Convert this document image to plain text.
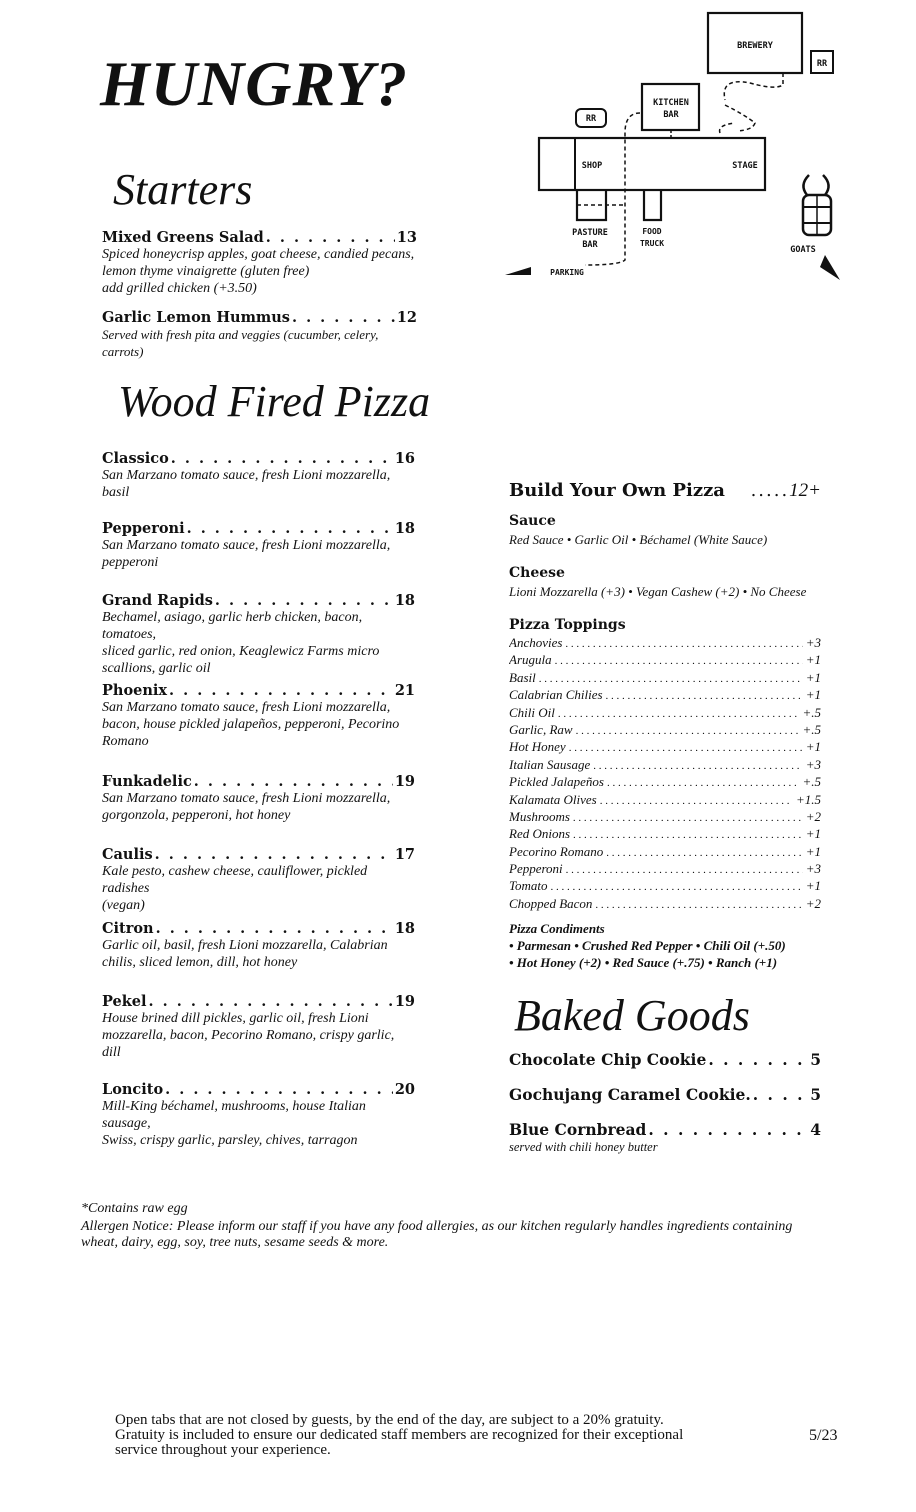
HUNGRY?
Starters
Mixed Greens Salad . . .	13
Spiced honeycrisp apples, goat cheese, candied pecans,
lemon thyme vinaigrette (gluten free)
add grilled chicken (+3.50)
Garlic Lemon Hummus . . .	12
Served with fresh pita and veggies (cucumber, celery, carrots)
Wood Fired Pizza
Classico . . .	16
San Marzano tomato sauce, fresh Lioni mozzarella,
basil
Pepperoni . . .	18
San Marzano tomato sauce, fresh Lioni mozzarella,
pepperoni
Grand Rapids . . .	18
Bechamel, asiago, garlic herb chicken, bacon, tomatoes,
sliced garlic, red onion, Keaglewicz Farms micro
scallions, garlic oil
Phoenix . . .	21
San Marzano tomato sauce, fresh Lioni mozzarella,
bacon, house pickled jalapeños, pepperoni, Pecorino
Romano
Funkadelic . . .	19
San Marzano tomato sauce, fresh Lioni mozzarella,
gorgonzola, pepperoni, hot honey
Caulis . . .	17
Kale pesto, cashew cheese, cauliflower, pickled radishes
(vegan)
Citron . . .	18
Garlic oil, basil, fresh Lioni mozzarella, Calabrian
chilis, sliced lemon, dill, hot honey
Pekel . . .	19
House brined dill pickles, garlic oil, fresh Lioni
mozzarella, bacon, Pecorino Romano, crispy garlic,
dill
Loncito . . .	20
Mill-King béchamel, mushrooms, house Italian sausage,
Swiss, crispy garlic, parsley, chives, tarragon
BREWERY
RR
KITCHEN
BAR
RR
SHOP	STAGE
PASTURE
BAR
FOOD
TRUCK
PARKING
GOATS
Build Your Own Pizza ..... 12+
Sauce
Red Sauce • Garlic Oil • Béchamel (White Sauce)
Cheese
Lioni Mozzarella (+3) • Vegan Cashew (+2) • No Cheese
Pizza Toppings
Anchovies . . .	+3
Arugula . . .	+1
Basil . . .	+1
Calabrian Chilies . . .	+1
Chili Oil . . .	+.5
Garlic, Raw . . .	+.5
Hot Honey . . .	+1
Italian Sausage . . .	+3
Pickled Jalapeños . . .	+.5
Kalamata Olives . . .	+1.5
Mushrooms . . .	+2
Red Onions . . .	+1
Pecorino Romano . . .	+1
Pepperoni . . .	+3
Tomato . . .	+1
Chopped Bacon . . .	+2
Pizza Condiments
• Parmesan • Crushed Red Pepper • Chili Oil (+.50)
• Hot Honey (+2) • Red Sauce (+.75) • Ranch (+1)
Baked Goods
Chocolate Chip Cookie . . .	5
Gochujang Caramel Cookie. . . .	5
Blue Cornbread . . .	4
served with chili honey butter
*Contains raw egg
Allergen Notice: Please inform our staff if you have any food allergies, as our kitchen regularly handles ingredients containing
wheat, dairy, egg, soy, tree nuts, sesame seeds & more.
Open tabs that are not closed by guests, by the end of the day, are subject to a 20% gratuity.
Gratuity is included to ensure our dedicated staff members are recognized for their exceptional
service throughout your experience.
5/23
